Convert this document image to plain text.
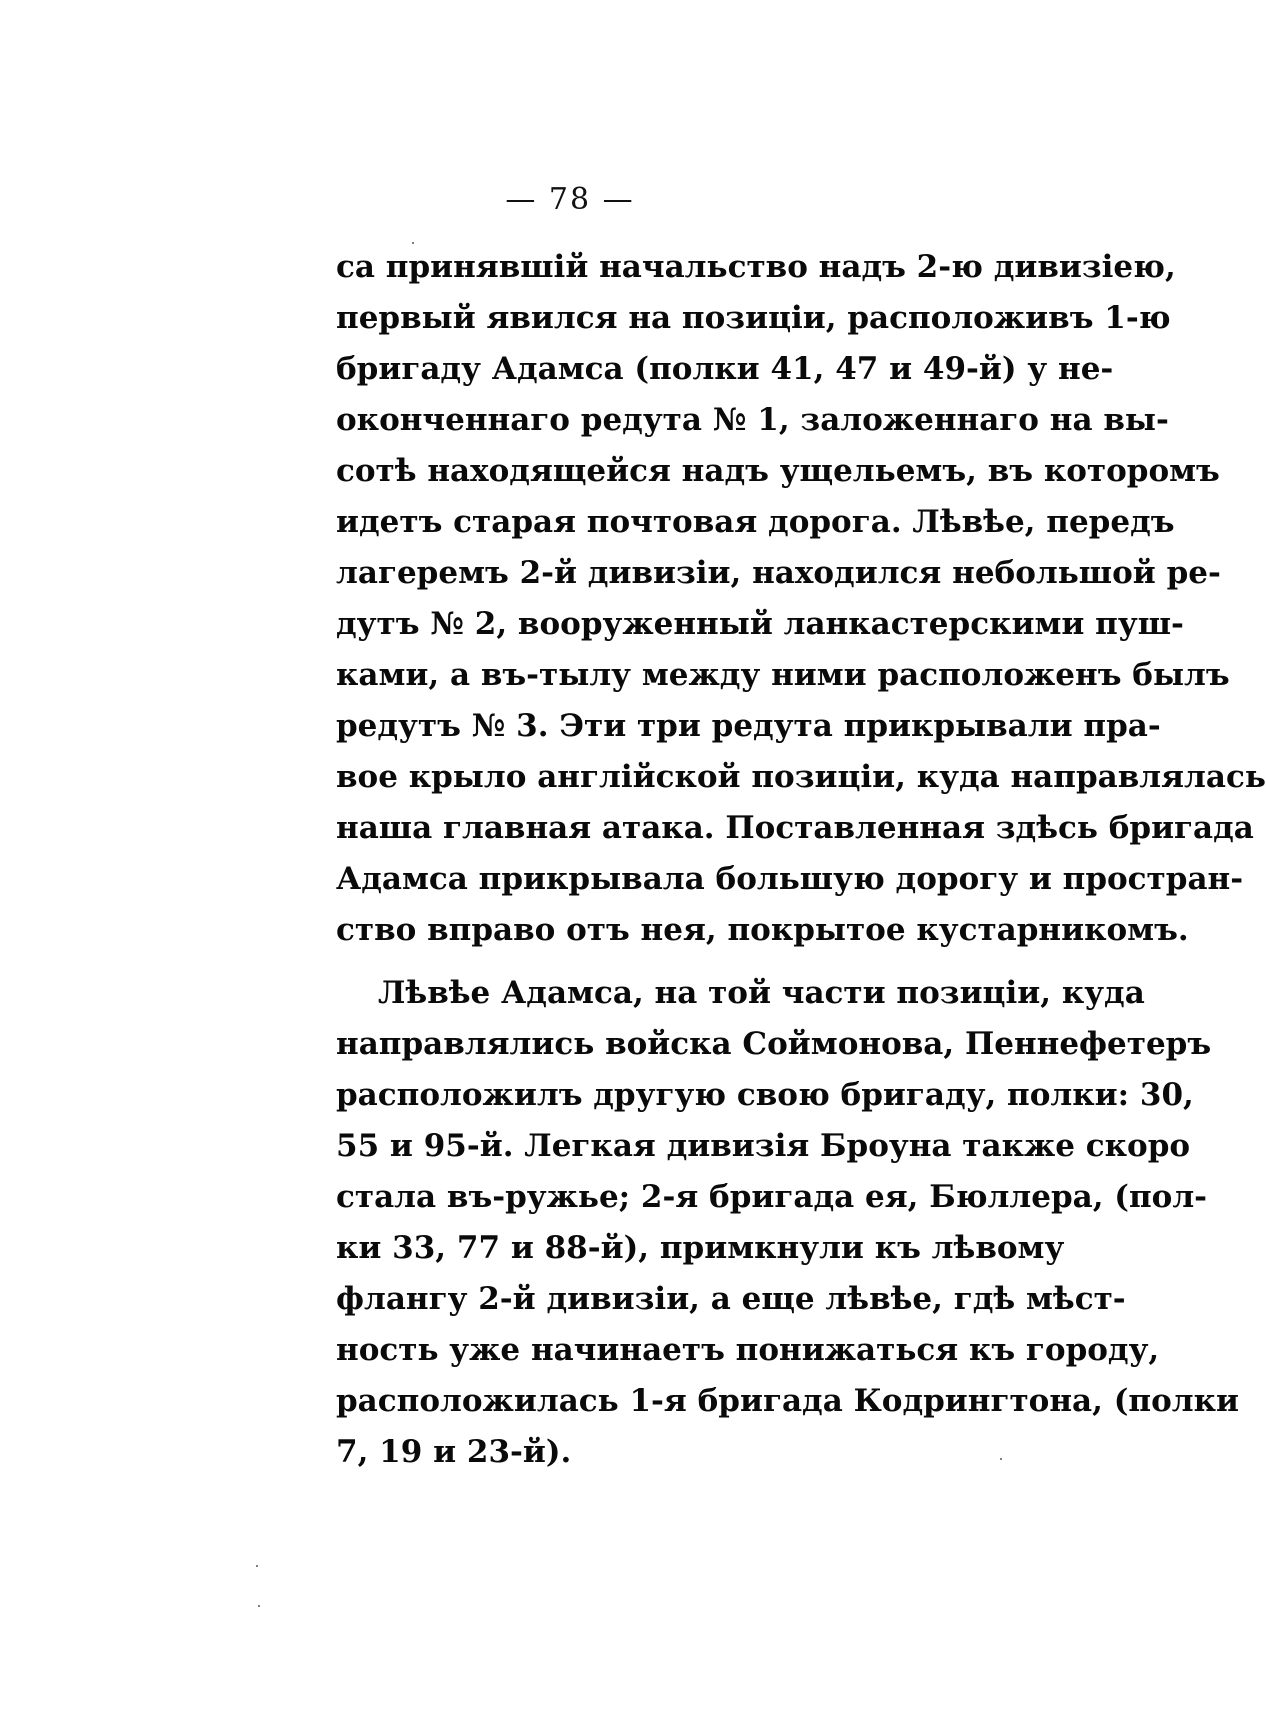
— 78 —
са принявшій начальство надъ 2-ю дивизіею,
первый явился на позиціи, расположивъ 1-ю
бригаду Адамса (полки 41, 47 и 49-й) у не-
оконченнаго редута № 1, заложеннаго на вы-
сотѣ находящейся надъ ущельемъ, въ которомъ
идетъ старая почтовая дорога. Лѣвѣе, передъ
лагеремъ 2-й дивизіи, находился небольшой ре-
дутъ № 2, вооруженный ланкастерскими пуш-
ками, а въ-тылу между ними расположенъ былъ
редутъ № 3. Эти три редута прикрывали пра-
вое крыло англійской позиціи, куда направлялась
наша главная атака. Поставленная здѣсь бригада
Адамса прикрывала большую дорогу и простран-
ство вправо отъ нея, покрытое кустарникомъ.
Лѣвѣе Адамса, на той части позиціи, куда
направлялись войска Соймонова, Пеннефетеръ
расположилъ другую свою бригаду, полки: 30,
55 и 95-й. Легкая дивизія Броуна также скоро
стала въ-ружье; 2-я бригада ея, Бюллера, (пол-
ки 33, 77 и 88-й), примкнули къ лѣвому
флангу 2-й дивизіи, а еще лѣвѣе, гдѣ мѣст-
ность уже начинаетъ понижаться къ городу,
расположилась 1-я бригада Кодрингтона, (полки
7, 19 и 23-й).
